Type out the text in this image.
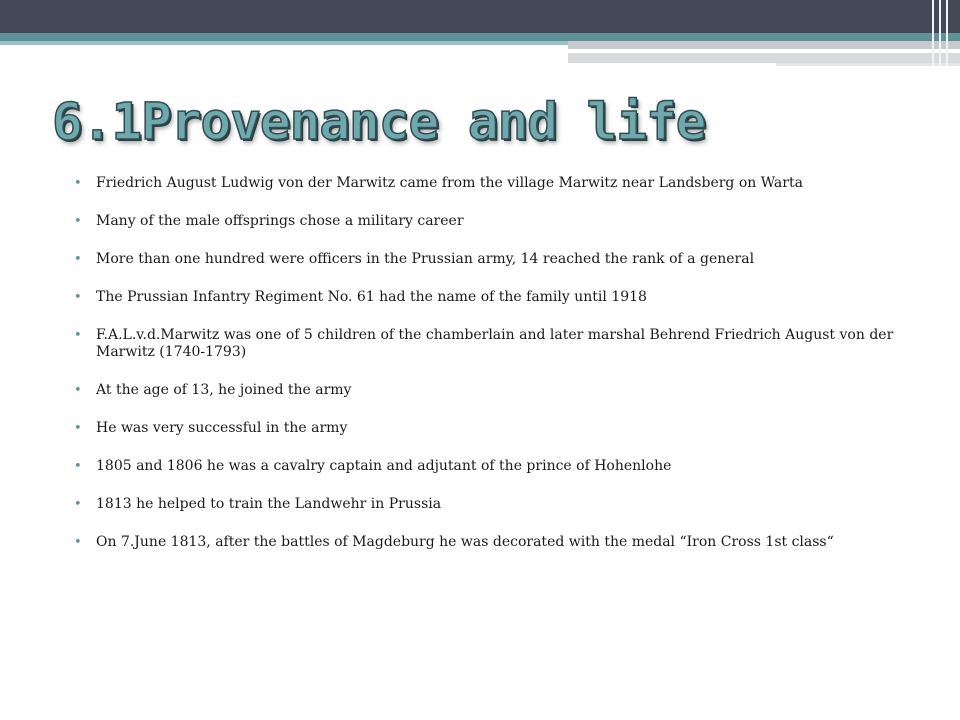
6.1Provenance and life
• Friedrich August Ludwig von der Marwitz came from the village Marwitz near Landsberg on Warta
• Many of the male offsprings chose a military career
• More than one hundred were officers in the Prussian army, 14 reached the rank of a general
• The Prussian Infantry Regiment No. 61 had the name of the family until 1918
• F.A.L.v.d.Marwitz was one of 5 children of the chamberlain and later marshal Behrend Friedrich August von der Marwitz (1740-1793)
• At the age of 13, he joined the army
• He was very successful in the army
• 1805 and 1806 he was a cavalry captain and adjutant of the prince of Hohenlohe
• 1813 he helped to train the Landwehr in Prussia
• On 7.June 1813, after the battles of Magdeburg he was decorated with the medal “Iron Cross 1st class“
